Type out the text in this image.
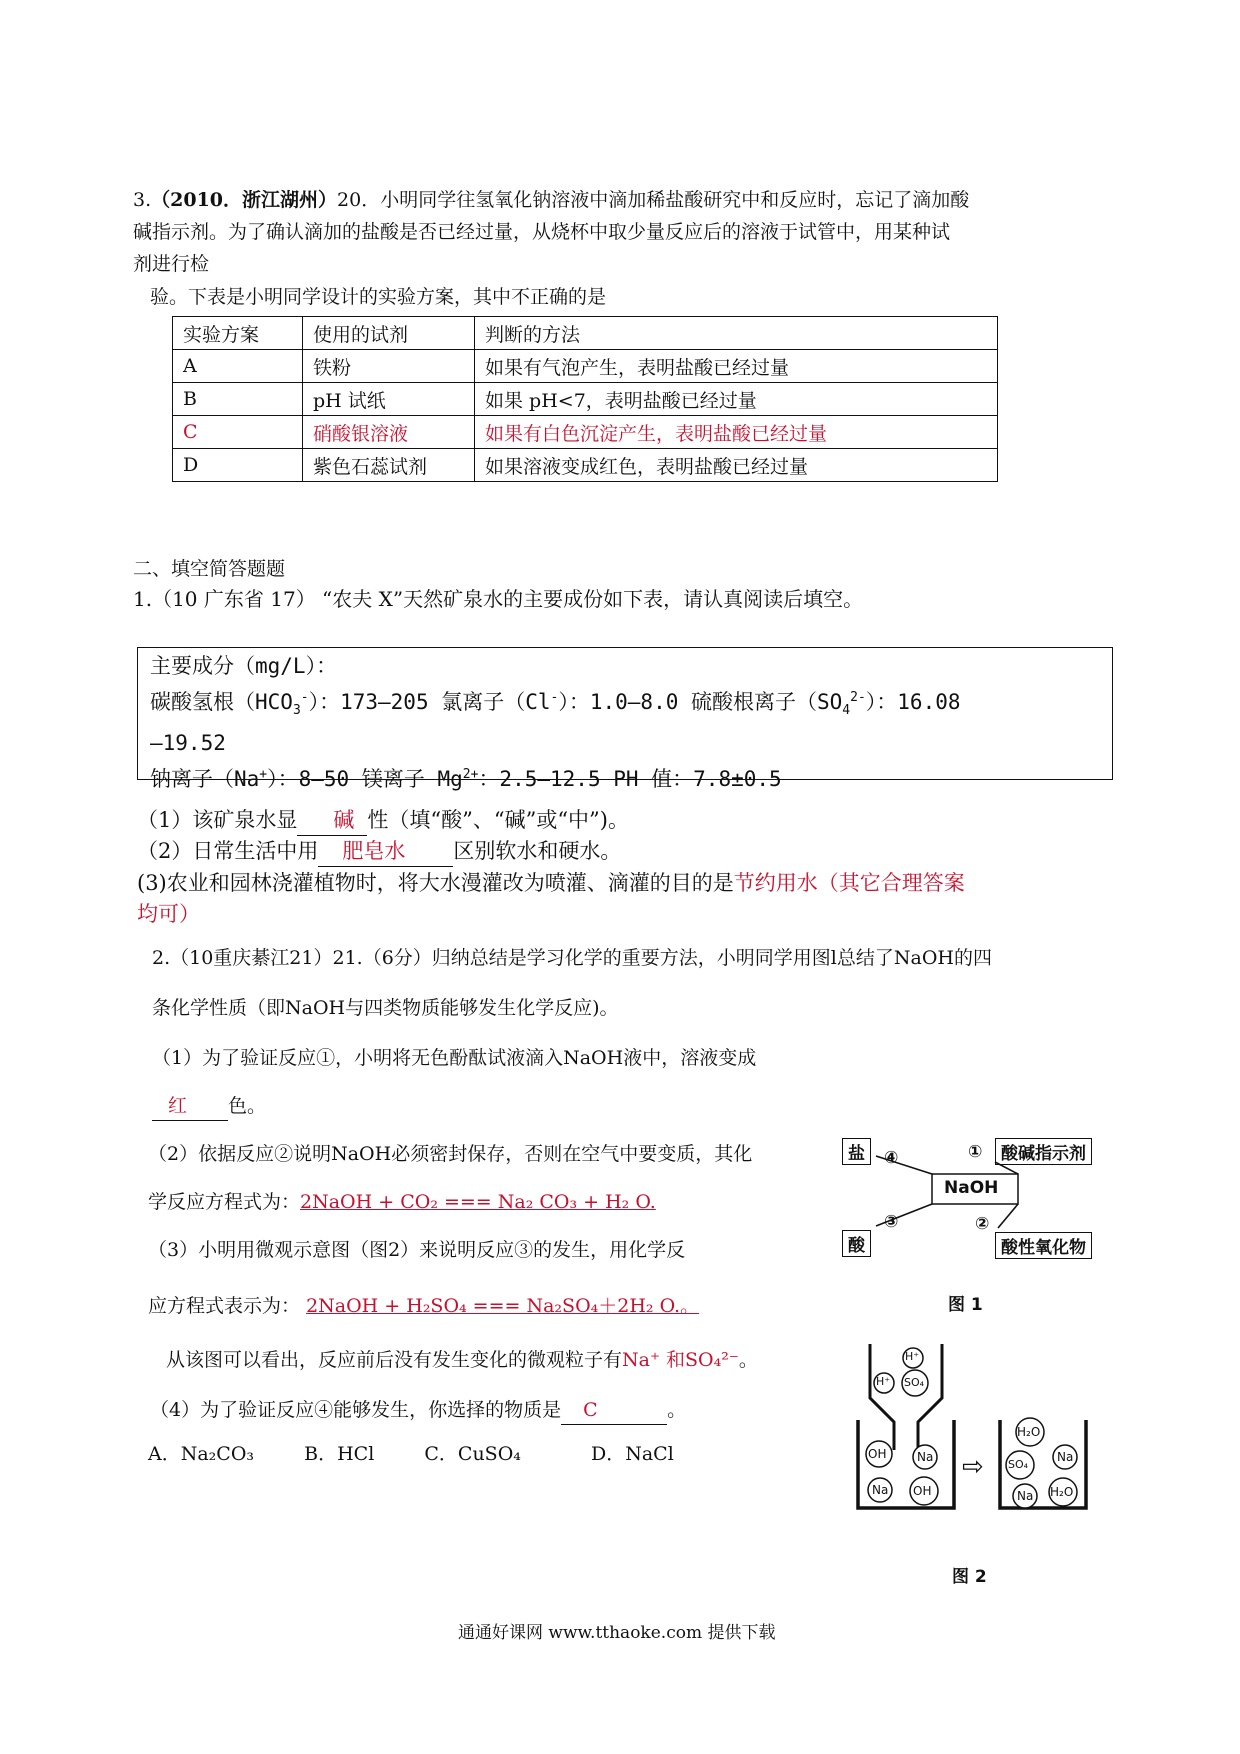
3.（2010．浙江湖州）20．小明同学往氢氧化钠溶液中滴加稀盐酸研究中和反应时，忘记了滴加酸
碱指示剂。为了确认滴加的盐酸是否已经过量，从烧杯中取少量反应后的溶液于试管中，用某种试
剂进行检
验。下表是小明同学设计的实验方案，其中不正确的是
实验方案	使用的试剂	判断的方法
A	铁粉	如果有气泡产生，表明盐酸已经过量
B	pH 试纸	如果 pH<7，表明盐酸已经过量
C	硝酸银溶液	如果有白色沉淀产生，表明盐酸已经过量
D	紫色石蕊试剂	如果溶液变成红色，表明盐酸已经过量
二、填空简答题题
1.（10 广东省 17） “农夫 X”天然矿泉水的主要成份如下表，请认真阅读后填空。
主要成分（mg/L）：
碳酸氢根$(HCO_3^-)$：173—205 氯离子（Cl-）：1.0—8.0 硫酸根离子$(SO_4^{2-})$：16.08
—19.52
钠离子（Na+）：8—50 镁离子 $Mg^{2+}$：2.5—12.5 PH 值：7.8±0.5
（1）该矿泉水显 碱 性（填“酸”、“碱”或“中”)。
（2）日常生活中用 肥皂水 区别软水和硬水。
(3)农业和园林浇灌植物时，将大水漫灌改为喷灌、滴灌的目的是节约用水（其它合理答案
均可）
2.（10重庆綦江21）21.（6分）归纳总结是学习化学的重要方法，小明同学用图l总结了NaOH的四
条化学性质（即NaOH与四类物质能够发生化学反应)。
（1）为了验证反应①，小明将无色酚酞试液滴入NaOH液中，溶液变成
红 色。
（2）依据反应②说明NaOH必须密封保存，否则在空气中要变质，其化
学反应方程式为：2NaOH + CO₂ === Na₂ CO₃ + H₂ O.
（3）小明用微观示意图（图2）来说明反应③的发生，用化学反
应方程式表示为： 2NaOH + H₂SO₄ === Na₂SO₄＋2H₂ O.。
从该图可以看出，反应前后没有发生变化的微观粒子有Na⁺ 和SO₄²⁻。
（4）为了验证反应④能够发生，你选择的物质是 C	。
A．Na₂CO₃	B．HCl	C．CuSO₄	D．NaCl
NaOH
盐
酸
酸碱指示剂
酸性氧化物
④	①
③	②
图 1
H⁺
H⁺ SO₄
OH	Na
Na OH
H₂O
Na
SO₄
Na H₂O
⇨
图 2
通通好课网 www.tthaoke.com 提供下载
